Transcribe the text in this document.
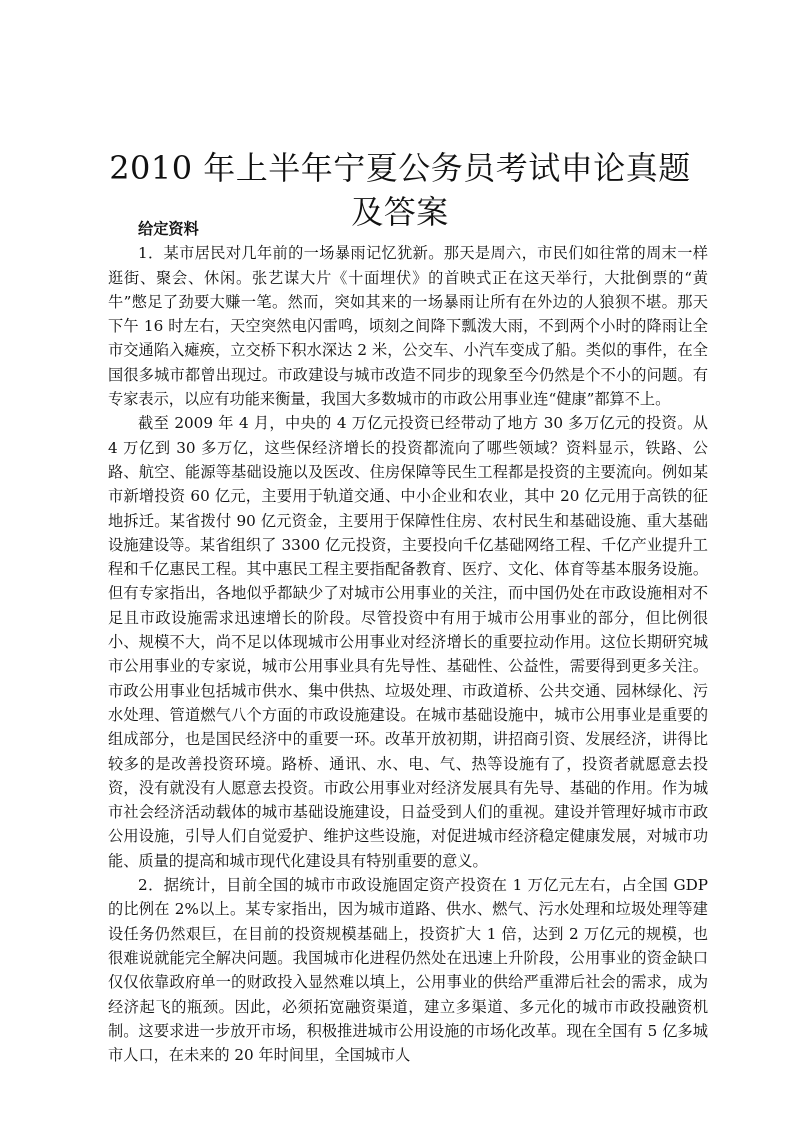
2010 年上半年宁夏公务员考试申论真题及答案

给定资料

1．某市居民对几年前的一场暴雨记忆犹新。那天是周六，市民们如往常的周末一样逛街、聚会、休闲。张艺谋大片《十面埋伏》的首映式正在这天举行，大批倒票的“黄牛”憋足了劲要大赚一笔。然而，突如其来的一场暴雨让所有在外边的人狼狈不堪。那天下午 16 时左右，天空突然电闪雷鸣，顷刻之间降下瓢泼大雨，不到两个小时的降雨让全市交通陷入瘫痪，立交桥下积水深达 2 米，公交车、小汽车变成了船。类似的事件，在全国很多城市都曾出现过。市政建设与城市改造不同步的现象至今仍然是个不小的问题。有专家表示，以应有功能来衡量，我国大多数城市的市政公用事业连“健康”都算不上。

截至 2009 年 4 月，中央的 4 万亿元投资已经带动了地方 30 多万亿元的投资。从 4 万亿到 30 多万亿，这些保经济增长的投资都流向了哪些领域？资料显示，铁路、公路、航空、能源等基础设施以及医改、住房保障等民生工程都是投资的主要流向。例如某市新增投资 60 亿元，主要用于轨道交通、中小企业和农业，其中 20 亿元用于高铁的征地拆迁。某省拨付 90 亿元资金，主要用于保障性住房、农村民生和基础设施、重大基础设施建设等。某省组织了 3300 亿元投资，主要投向千亿基础网络工程、千亿产业提升工程和千亿惠民工程。其中惠民工程主要指配备教育、医疗、文化、体育等基本服务设施。但有专家指出，各地似乎都缺少了对城市公用事业的关注，而中国仍处在市政设施相对不足且市政设施需求迅速增长的阶段。尽管投资中有用于城市公用事业的部分，但比例很小、规模不大，尚不足以体现城市公用事业对经济增长的重要拉动作用。这位长期研究城市公用事业的专家说，城市公用事业具有先导性、基础性、公益性，需要得到更多关注。市政公用事业包括城市供水、集中供热、垃圾处理、市政道桥、公共交通、园林绿化、污水处理、管道燃气八个方面的市政设施建设。在城市基础设施中，城市公用事业是重要的组成部分，也是国民经济中的重要一环。改革开放初期，讲招商引资、发展经济，讲得比较多的是改善投资环境。路桥、通讯、水、电、气、热等设施有了，投资者就愿意去投资，没有就没有人愿意去投资。市政公用事业对经济发展具有先导、基础的作用。作为城市社会经济活动载体的城市基础设施建设，日益受到人们的重视。建设并管理好城市市政公用设施，引导人们自觉爱护、维护这些设施，对促进城市经济稳定健康发展，对城市功能、质量的提高和城市现代化建设具有特别重要的意义。

2．据统计，目前全国的城市市政设施固定资产投资在 1 万亿元左右，占全国 GDP 的比例在 2%以上。某专家指出，因为城市道路、供水、燃气、污水处理和垃圾处理等建设任务仍然艰巨，在目前的投资规模基础上，投资扩大 1 倍，达到 2 万亿元的规模，也很难说就能完全解决问题。我国城市化进程仍然处在迅速上升阶段，公用事业的资金缺口仅仅依靠政府单一的财政投入显然难以填上，公用事业的供给严重滞后社会的需求，成为经济起飞的瓶颈。因此，必须拓宽融资渠道，建立多渠道、多元化的城市市政投融资机制。这要求进一步放开市场，积极推进城市公用设施的市场化改革。现在全国有 5 亿多城市人口，在未来的 20 年时间里，全国城市人
